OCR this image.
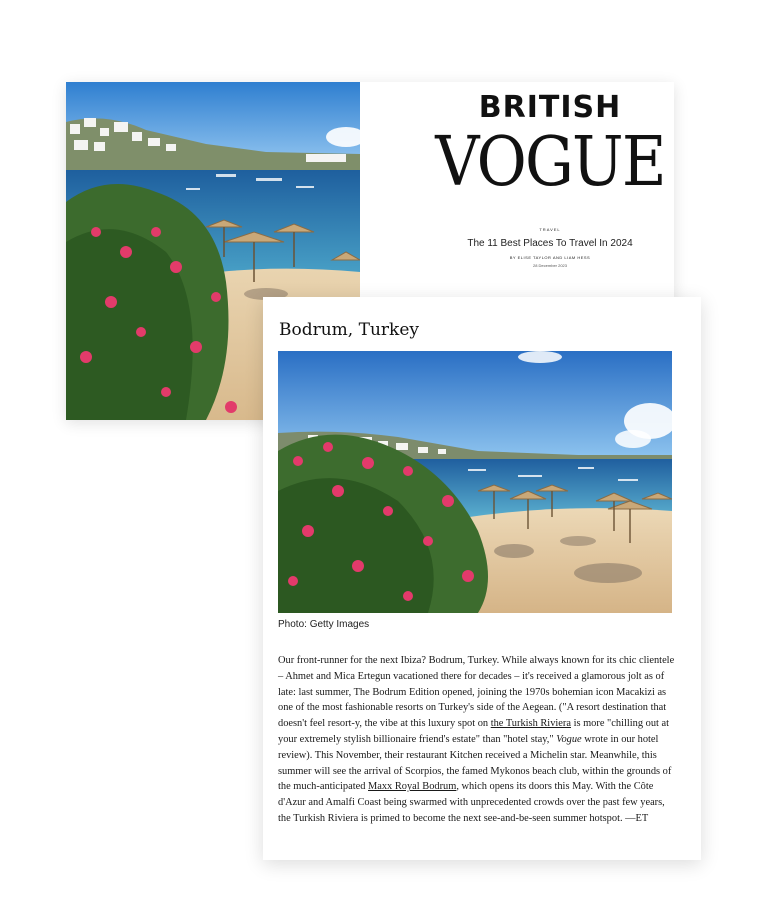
BRITISH
VOGUE
TRAVEL
The 11 Best Places To Travel In 2024
BY ELISE TAYLOR AND LIAM HESS
28 December 2023
Bodrum, Turkey
Photo: Getty Images
Our front-runner for the next Ibiza? Bodrum, Turkey. While always known for its chic clientele – Ahmet and Mica Ertegun vacationed there for decades – it's received a glamorous jolt as of late: last summer, The Bodrum Edition opened, joining the 1970s bohemian icon Macakizi as one of the most fashionable resorts on Turkey's side of the Aegean. ("A resort destination that doesn't feel resort-y, the vibe at this luxury spot on the Turkish Riviera is more "chilling out at your extremely stylish billionaire friend's estate" than "hotel stay," Vogue wrote in our hotel review). This November, their restaurant Kitchen received a Michelin star. Meanwhile, this summer will see the arrival of Scorpios, the famed Mykonos beach club, within the grounds of the much-anticipated Maxx Royal Bodrum, which opens its doors this May. With the Côte d'Azur and Amalfi Coast being swarmed with unprecedented crowds over the past few years, the Turkish Riviera is primed to become the next see-and-be-seen summer hotspot. —ET
